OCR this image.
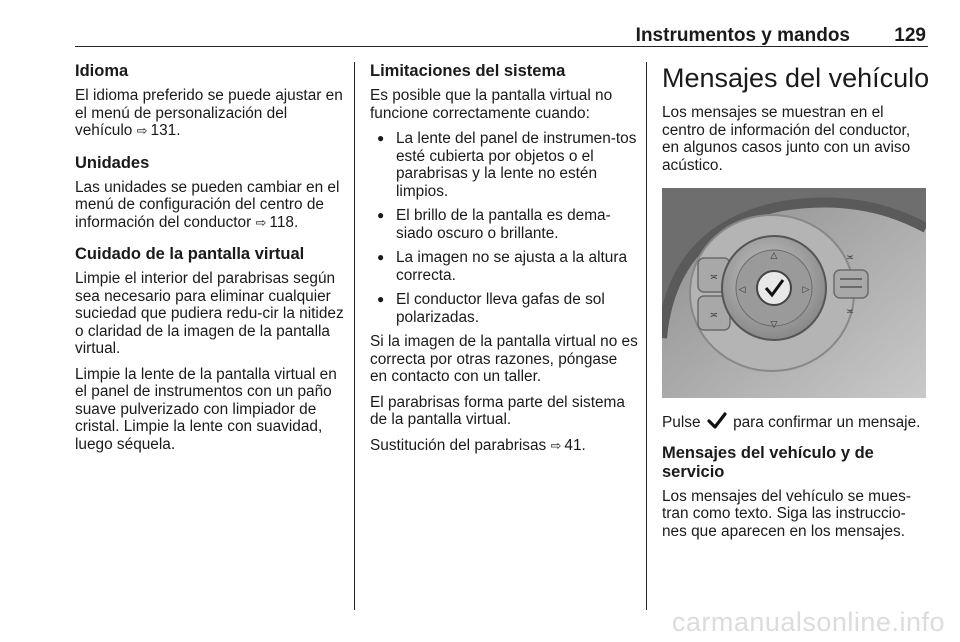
Instrumentos y mandos 129
Idioma
El idioma preferido se puede ajustar en el menú de personalización del vehículo ⇨ 131.
Unidades
Las unidades se pueden cambiar en el menú de configuración del centro de información del conductor ⇨ 118.
Cuidado de la pantalla virtual
Limpie el interior del parabrisas según sea necesario para eliminar cualquier suciedad que pudiera redu-cir la nitidez o claridad de la imagen de la pantalla virtual.
Limpie la lente de la pantalla virtual en el panel de instrumentos con un paño suave pulverizado con limpiador de cristal. Limpie la lente con suavidad, luego séquela.
Limitaciones del sistema
Es posible que la pantalla virtual no funcione correctamente cuando:
● La lente del panel de instrumen-tos esté cubierta por objetos o el parabrisas y la lente no estén limpios.
● El brillo de la pantalla es dema-siado oscuro o brillante.
● La imagen no se ajusta a la altura correcta.
● El conductor lleva gafas de sol polarizadas.
Si la imagen de la pantalla virtual no es correcta por otras razones, póngase en contacto con un taller.
El parabrisas forma parte del sistema de la pantalla virtual.
Sustitución del parabrisas ⇨ 41.
Mensajes del vehículo
Los mensajes se muestran en el centro de información del conductor, en algunos casos junto con un aviso acústico.
≍
≍
△
▽
◁	▷
≍
≍
Pulse para confirmar un mensaje.
Mensajes del vehículo y de servicio
Los mensajes del vehículo se mues-tran como texto. Siga las instruccio-nes que aparecen en los mensajes.
carmanualsonline.info
